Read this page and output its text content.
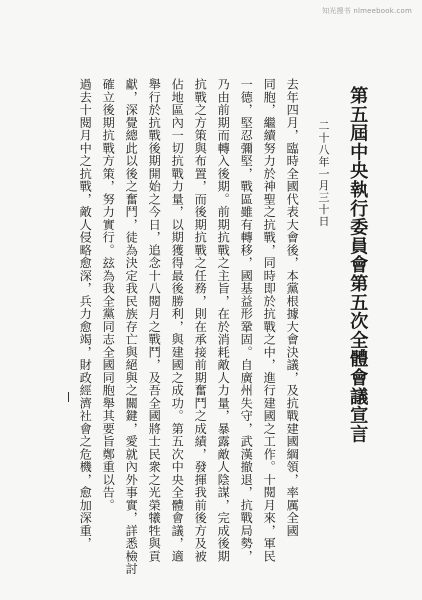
知光搜书 nlmeebook.com
第五屆中央執行委員會第五次全體會議宣言
二十八年一月三十日
去年四月，臨時全國代表大會後，本黨根據大會決議，及抗戰建國綱領，率厲全國
同胞，繼續努力於神聖之抗戰，同時即於抗戰之中，進行建國之工作。十閱月來，軍民
一德，堅忍彌堅，戰區雖有轉移，國基益形鞏固。自廣州失守，武漢撤退，抗戰局勢，
乃由前期而轉入後期。前期抗戰之主旨，在於消耗敵人力量，暴露敵人陰謀，完成後期
抗戰之方策與布置，而後期抗戰之任務，則在承接前期奮鬥之成績，發揮我前後方及被
佔地區內一切抗戰力量，以期獲得最後勝利，與建國之成功。第五次中央全體會議，適
舉行於抗戰後期開始之今日，追念十八閱月之戰鬥，及吾全國將士民衆之光榮犧牲與貢
獻，深覺總此以後之奮鬥，徒為決定我民族存亡與絕與之關鍵，愛就內外事實，詳悉檢討
確立後期抗戰方策，努力實行。玆為我全黨同志全國同胞舉其要旨鄭重以告。
過去十閱月中之抗戰，敵人侵略愈深，兵力愈竭，財政經濟社會之危機，愈加深重，
